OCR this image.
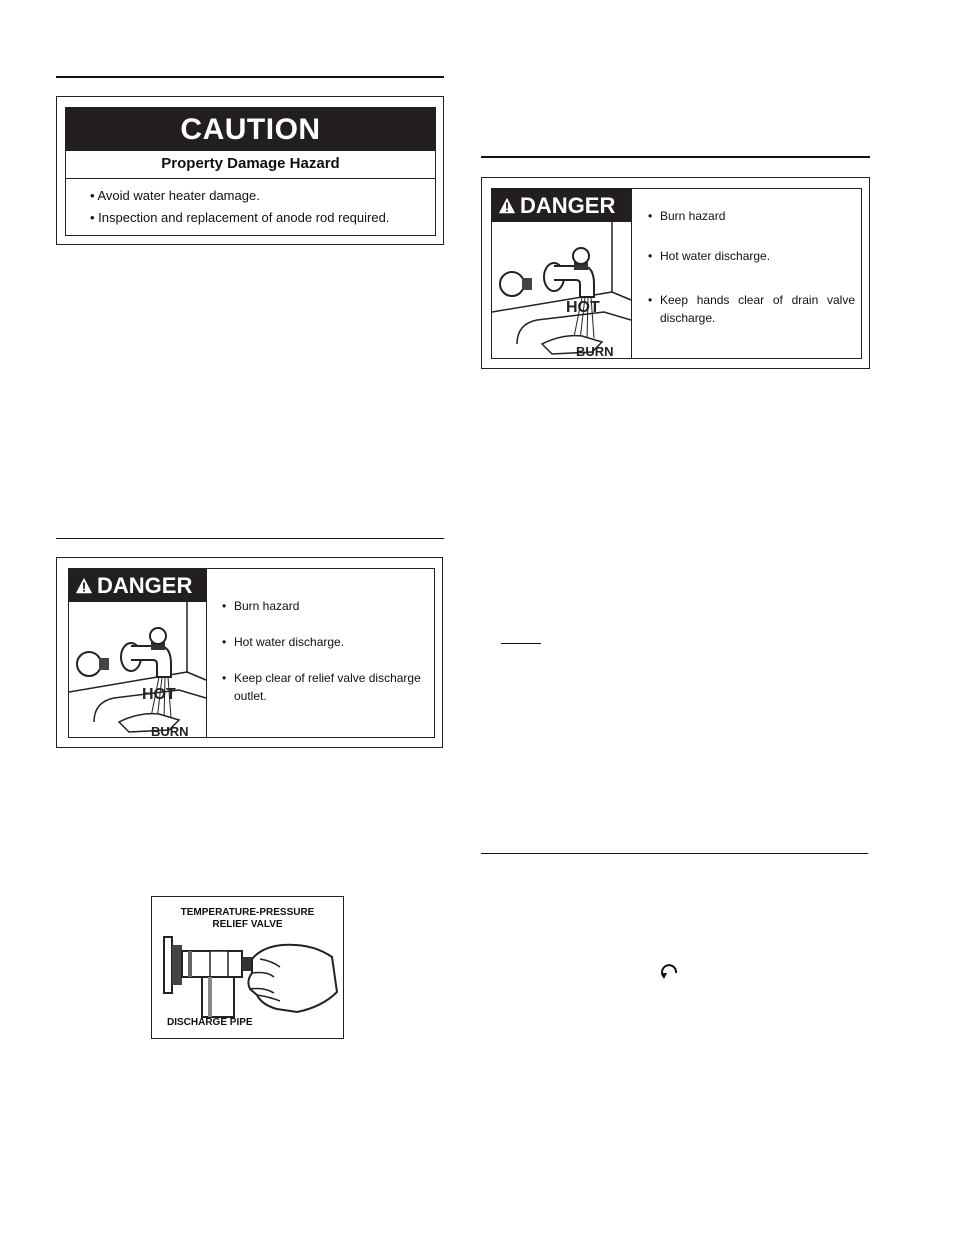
CAUTION
Property Damage Hazard
• Avoid water heater damage.
• Inspection and replacement of anode rod required.
DANGER
HOT
BURN
• Burn hazard
• Hot water discharge.
• Keep clear of relief valve discharge outlet.
DANGER
HOT
BURN
• Burn hazard
• Hot water discharge.
• Keep hands clear of drain valve discharge.
TEMPERATURE-PRESSURE
RELIEF VALVE
DISCHARGE PIPE
